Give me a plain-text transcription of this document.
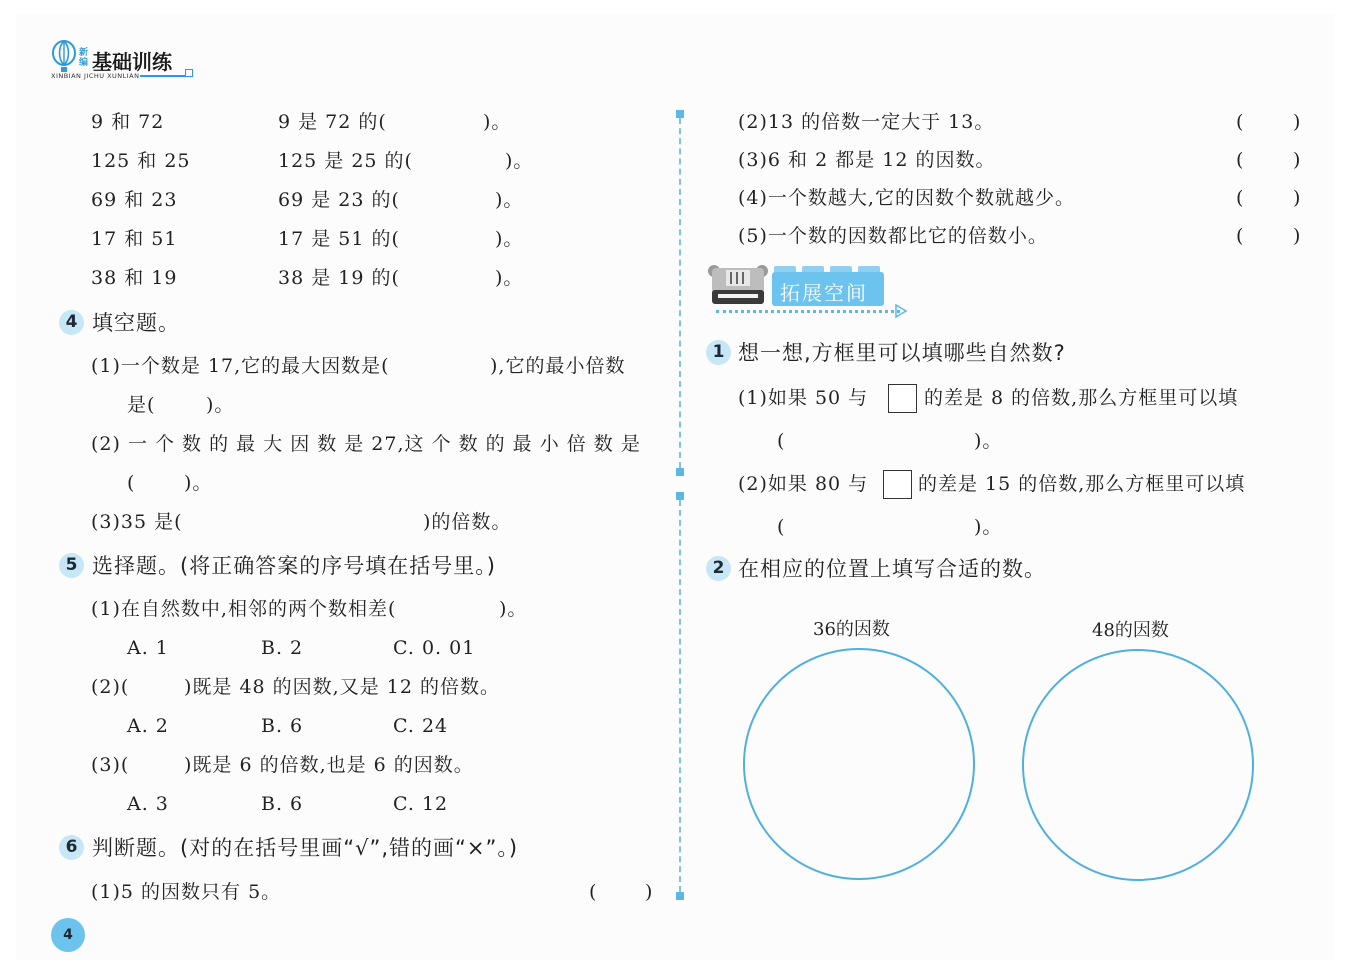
新
编 基础训练
XINBIAN JICHU XUNLIAN
9 和 72	9 是 72 的(	)。
125 和 25	125 是 25 的(	)。
69 和 23	69 是 23 的(	)。
17 和 51	17 是 51 的(	)。
38 和 19	38 是 19 的(	)。
4 填空题。
(1)一个数是 17,它的最大因数是(	),它的最小倍数
是(	)。
(2) 一 个 数 的 最 大 因 数 是 27,这 个 数 的 最 小 倍 数 是
(	)。
(3)35 是(	)的倍数。
5 选择题。(将正确答案的序号填在括号里。)
(1)在自然数中,相邻的两个数相差(	)。
A. 1	B. 2	C. 0. 01
(2)(	)既是 48 的因数,又是 12 的倍数。
A. 2	B. 6	C. 24
(3)(	)既是 6 的倍数,也是 6 的因数。
A. 3	B. 6	C. 12
6 判断题。(对的在括号里画“√”,错的画“×”。)
(1)5 的因数只有 5。	(	)
4
(2)13 的倍数一定大于 13。	(	)
(3)6 和 2 都是 12 的因数。	(	)
(4)一个数越大,它的因数个数就越少。	(	)
(5)一个数的因数都比它的倍数小。	(	)
拓展空间
1 想一想,方框里可以填哪些自然数?
(1)如果 50 与	的差是 8 的倍数,那么方框里可以填
(	)。
(2)如果 80 与	的差是 15 的倍数,那么方框里可以填
(	)。
2 在相应的位置上填写合适的数。
36的因数	48的因数
